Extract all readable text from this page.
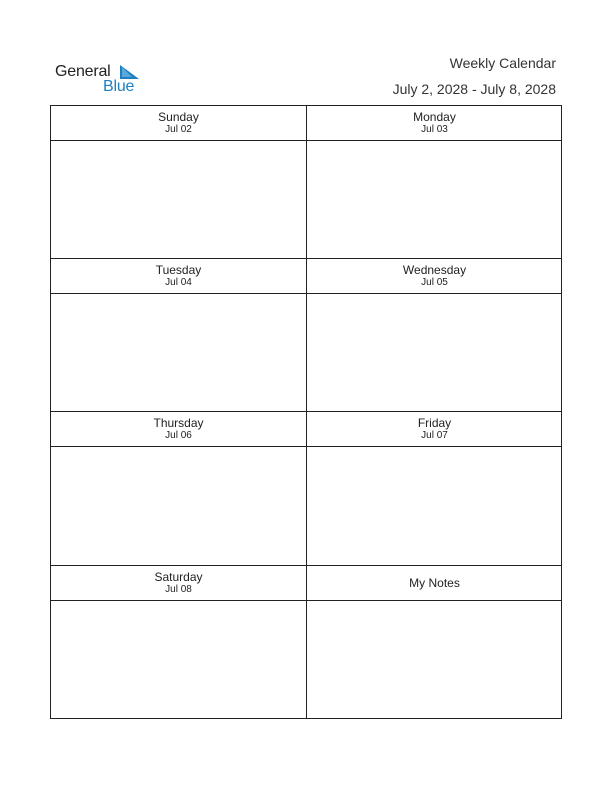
General
Blue
Weekly Calendar
July 2, 2028 - July 8, 2028
Sunday
Jul 02
Monday
Jul 03
Tuesday
Jul 04
Wednesday
Jul 05
Thursday
Jul 06
Friday
Jul 07
Saturday
Jul 08	My Notes
